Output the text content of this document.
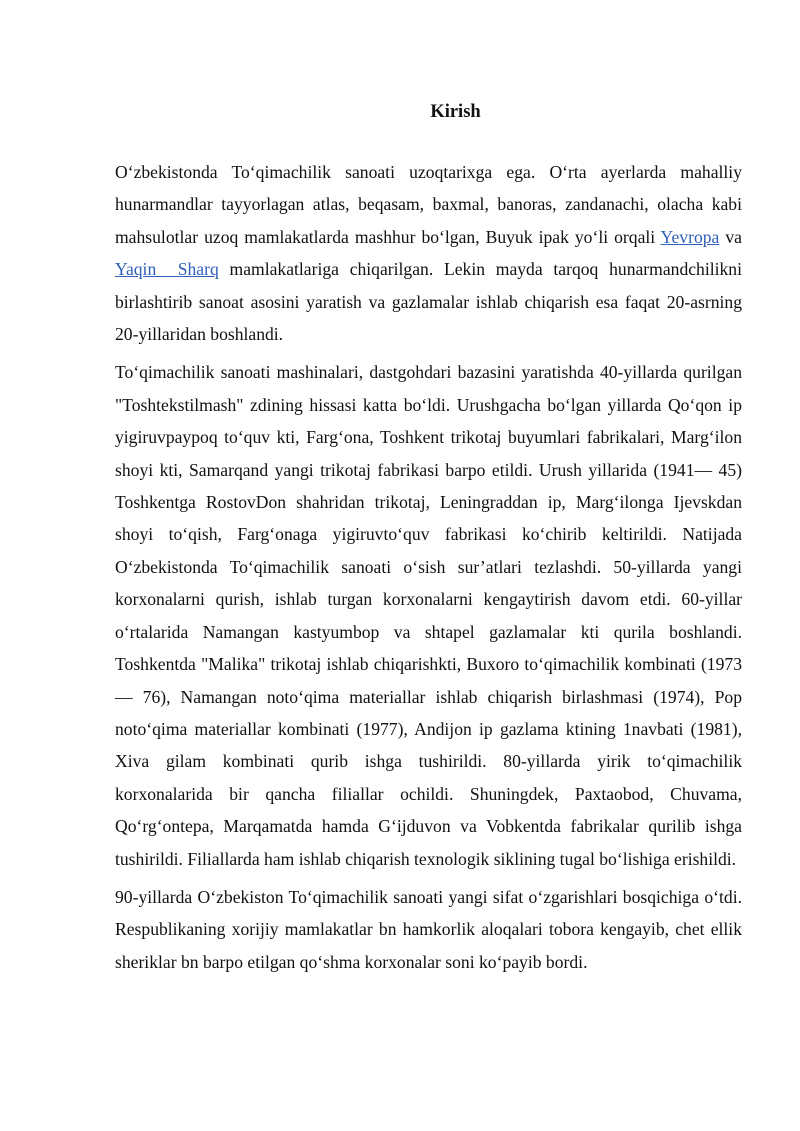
Kirish

O‘zbekistonda To‘qimachilik sanoati uzoqtarixga ega. O‘rta ayerlarda mahalliy hunarmandlar tayyorlagan atlas, beqasam, baxmal, banoras, zandanachi, olacha kabi mahsulotlar uzoq mamlakatlarda mashhur bo‘lgan, Buyuk ipak yo‘li orqali Yevropa va Yaqin  Sharq mamlakatlariga chiqarilgan. Lekin mayda tarqoq hunarmandchilikni birlashtirib sanoat asosini yaratish va gazlamalar ishlab chiqarish esa faqat 20-asrning 20-yillaridan boshlandi.

To‘qimachilik sanoati mashinalari, dastgohdari bazasini yaratishda 40-yillarda qurilgan "Toshtekstilmash" zdining hissasi katta bo‘ldi. Urushgacha bo‘lgan yillarda Qo‘qon ip yigiruvpaypoq to‘quv kti, Farg‘ona, Toshkent trikotaj buyumlari fabrikalari, Marg‘ilon shoyi kti, Samarqand yangi trikotaj fabrikasi barpo etildi. Urush yillarida (1941— 45) Toshkentga RostovDon shahridan trikotaj, Leningraddan ip, Marg‘ilonga Ijevskdan shoyi to‘qish, Farg‘onaga yigiruvto‘quv fabrikasi ko‘chirib keltirildi. Natijada O‘zbekistonda To‘qimachilik sanoati o‘sish sur’atlari tezlashdi. 50-yillarda yangi korxonalarni qurish, ishlab turgan korxonalarni kengaytirish davom etdi. 60-yillar o‘rtalarida Namangan kastyumbop va shtapel gazlamalar kti qurila boshlandi. Toshkentda "Malika" trikotaj ishlab chiqarishkti, Buxoro to‘qimachilik kombinati (1973— 76), Namangan noto‘qima materiallar ishlab chiqarish birlashmasi (1974), Pop noto‘qima materiallar kombinati (1977), Andijon ip gazlama ktining 1navbati (1981), Xiva gilam kombinati qurib ishga tushirildi. 80-yillarda yirik to‘qimachilik korxonalarida bir qancha filiallar ochildi. Shuningdek, Paxtaobod, Chuvama, Qo‘rg‘ontepa, Marqamatda hamda G‘ijduvon va Vobkentda fabrikalar qurilib ishga tushirildi. Filiallarda ham ishlab chiqarish texnologik siklining tugal bo‘lishiga erishildi.

90-yillarda O‘zbekiston To‘qimachilik sanoati yangi sifat o‘zgarishlari bosqichiga o‘tdi. Respublikaning xorijiy mamlakatlar bn hamkorlik aloqalari tobora kengayib, chet ellik sheriklar bn barpo etilgan qo‘shma korxonalar soni ko‘payib bordi.
